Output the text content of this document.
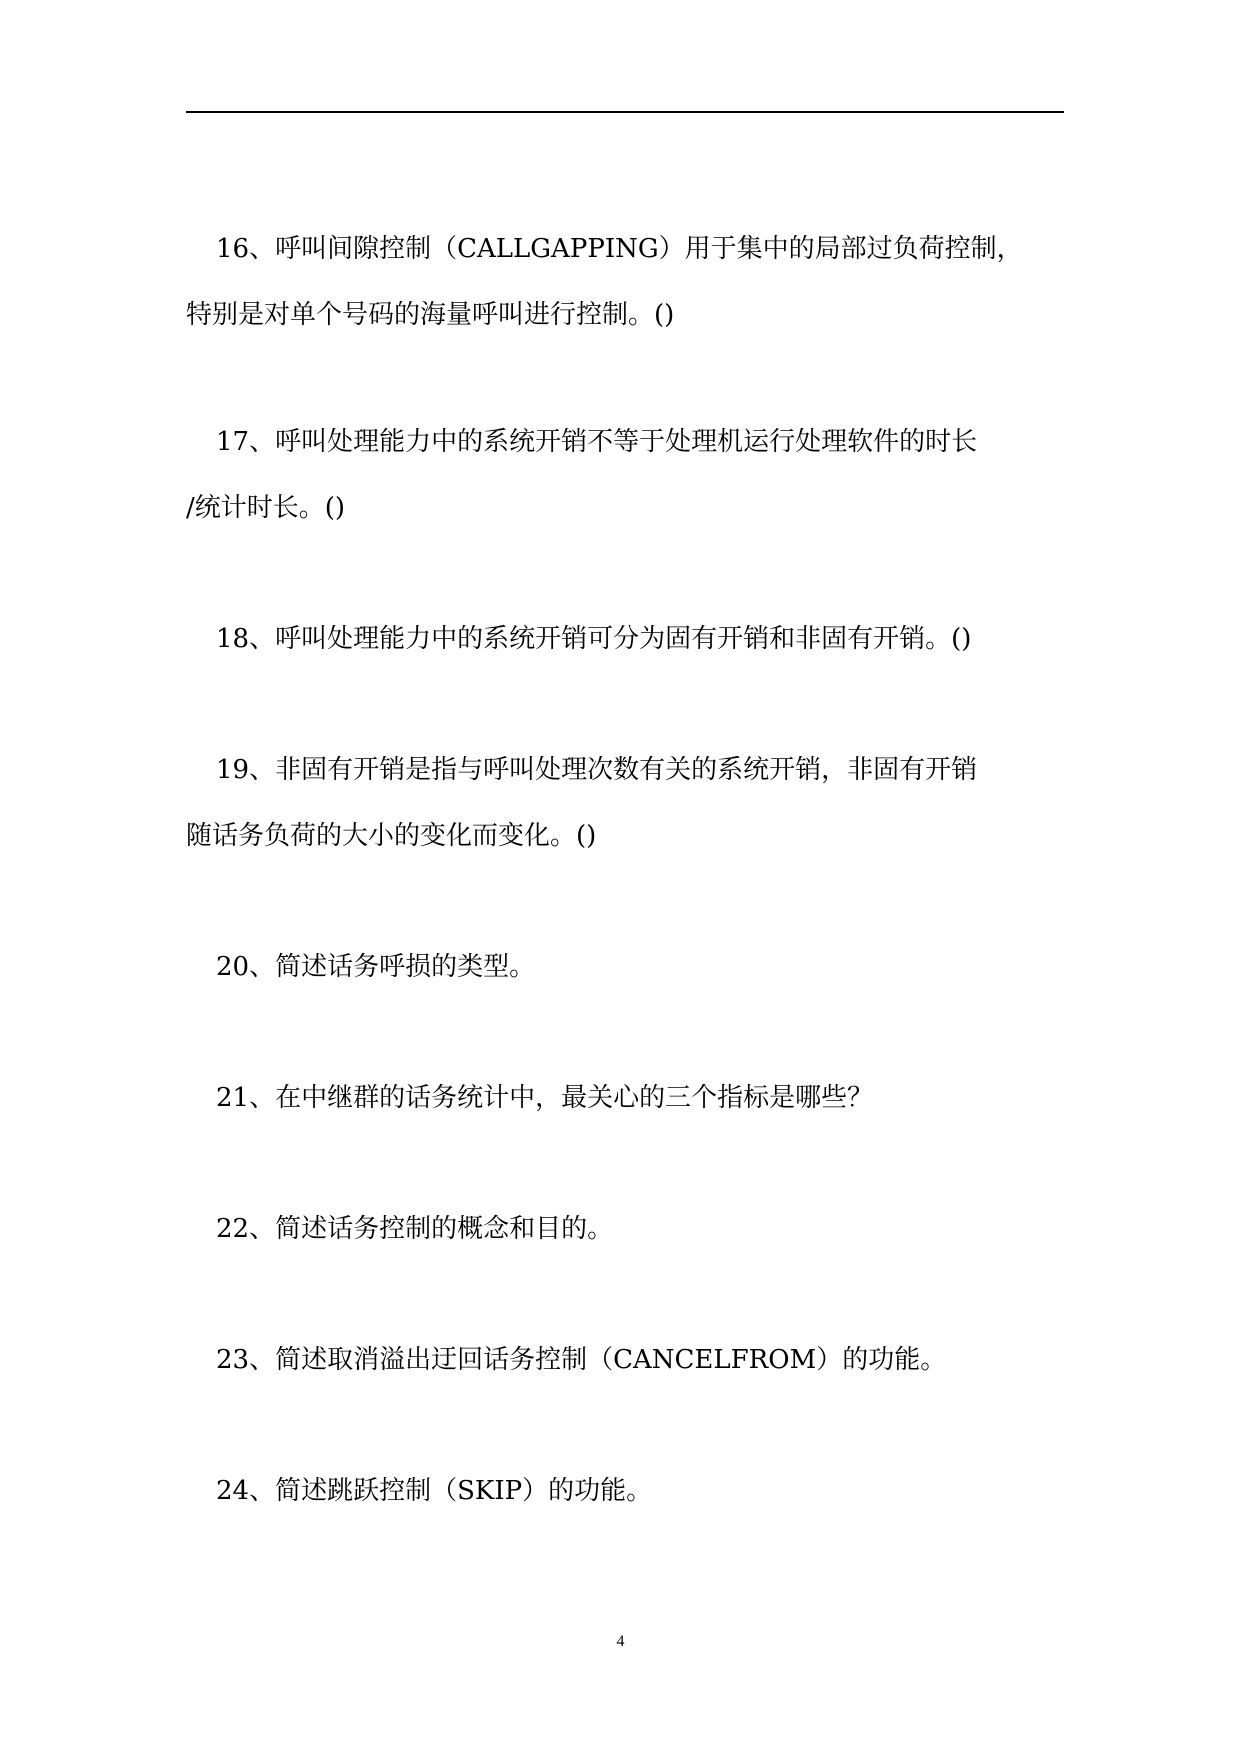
16、呼叫间隙控制（CALLGAPPING）用于集中的局部过负荷控制，
特别是对单个号码的海量呼叫进行控制。()
17、呼叫处理能力中的系统开销不等于处理机运行处理软件的时长
/统计时长。()
18、呼叫处理能力中的系统开销可分为固有开销和非固有开销。()
19、非固有开销是指与呼叫处理次数有关的系统开销，非固有开销
随话务负荷的大小的变化而变化。()
20、简述话务呼损的类型。
21、在中继群的话务统计中，最关心的三个指标是哪些？
22、简述话务控制的概念和目的。
23、简述取消溢出迂回话务控制（CANCELFROM）的功能。
24、简述跳跃控制（SKIP）的功能。
4
